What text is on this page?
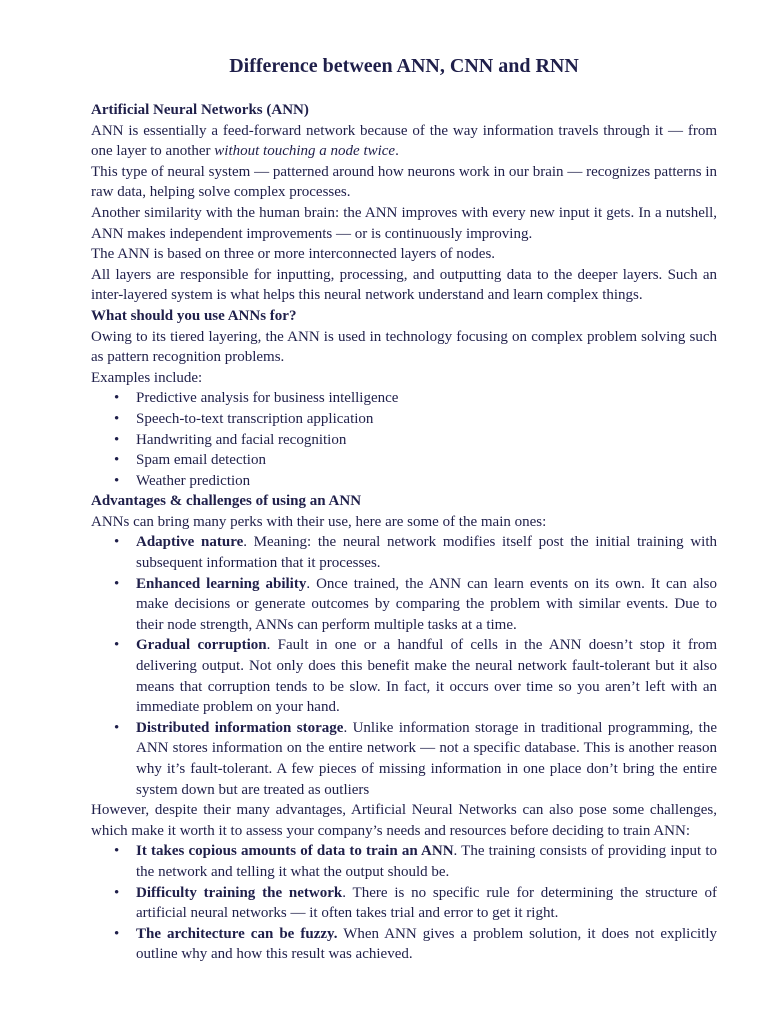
Difference between ANN, CNN and RNN

Artificial Neural Networks (ANN)

ANN is essentially a feed-forward network because of the way information travels through it — from one layer to another without touching a node twice.

This type of neural system — patterned around how neurons work in our brain — recognizes patterns in raw data, helping solve complex processes.

Another similarity with the human brain: the ANN improves with every new input it gets. In a nutshell, ANN makes independent improvements — or is continuously improving.

The ANN is based on three or more interconnected layers of nodes.

All layers are responsible for inputting, processing, and outputting data to the deeper layers. Such an inter-layered system is what helps this neural network understand and learn complex things.

What should you use ANNs for?

Owing to its tiered layering, the ANN is used in technology focusing on complex problem solving such as pattern recognition problems.

Examples include:

• Predictive analysis for business intelligence
• Speech-to-text transcription application
• Handwriting and facial recognition
• Spam email detection
• Weather prediction

Advantages & challenges of using an ANN

ANNs can bring many perks with their use, here are some of the main ones:

• Adaptive nature. Meaning: the neural network modifies itself post the initial training with subsequent information that it processes.
• Enhanced learning ability. Once trained, the ANN can learn events on its own. It can also make decisions or generate outcomes by comparing the problem with similar events. Due to their node strength, ANNs can perform multiple tasks at a time.
• Gradual corruption. Fault in one or a handful of cells in the ANN doesn’t stop it from delivering output. Not only does this benefit make the neural network fault-tolerant but it also means that corruption tends to be slow. In fact, it occurs over time so you aren’t left with an immediate problem on your hand.
• Distributed information storage. Unlike information storage in traditional programming, the ANN stores information on the entire network — not a specific database. This is another reason why it’s fault-tolerant. A few pieces of missing information in one place don’t bring the entire system down but are treated as outliers

However, despite their many advantages, Artificial Neural Networks can also pose some challenges, which make it worth it to assess your company’s needs and resources before deciding to train ANN:

• It takes copious amounts of data to train an ANN. The training consists of providing input to the network and telling it what the output should be.
• Difficulty training the network. There is no specific rule for determining the structure of artificial neural networks — it often takes trial and error to get it right.
• The architecture can be fuzzy. When ANN gives a problem solution, it does not explicitly outline why and how this result was achieved.
